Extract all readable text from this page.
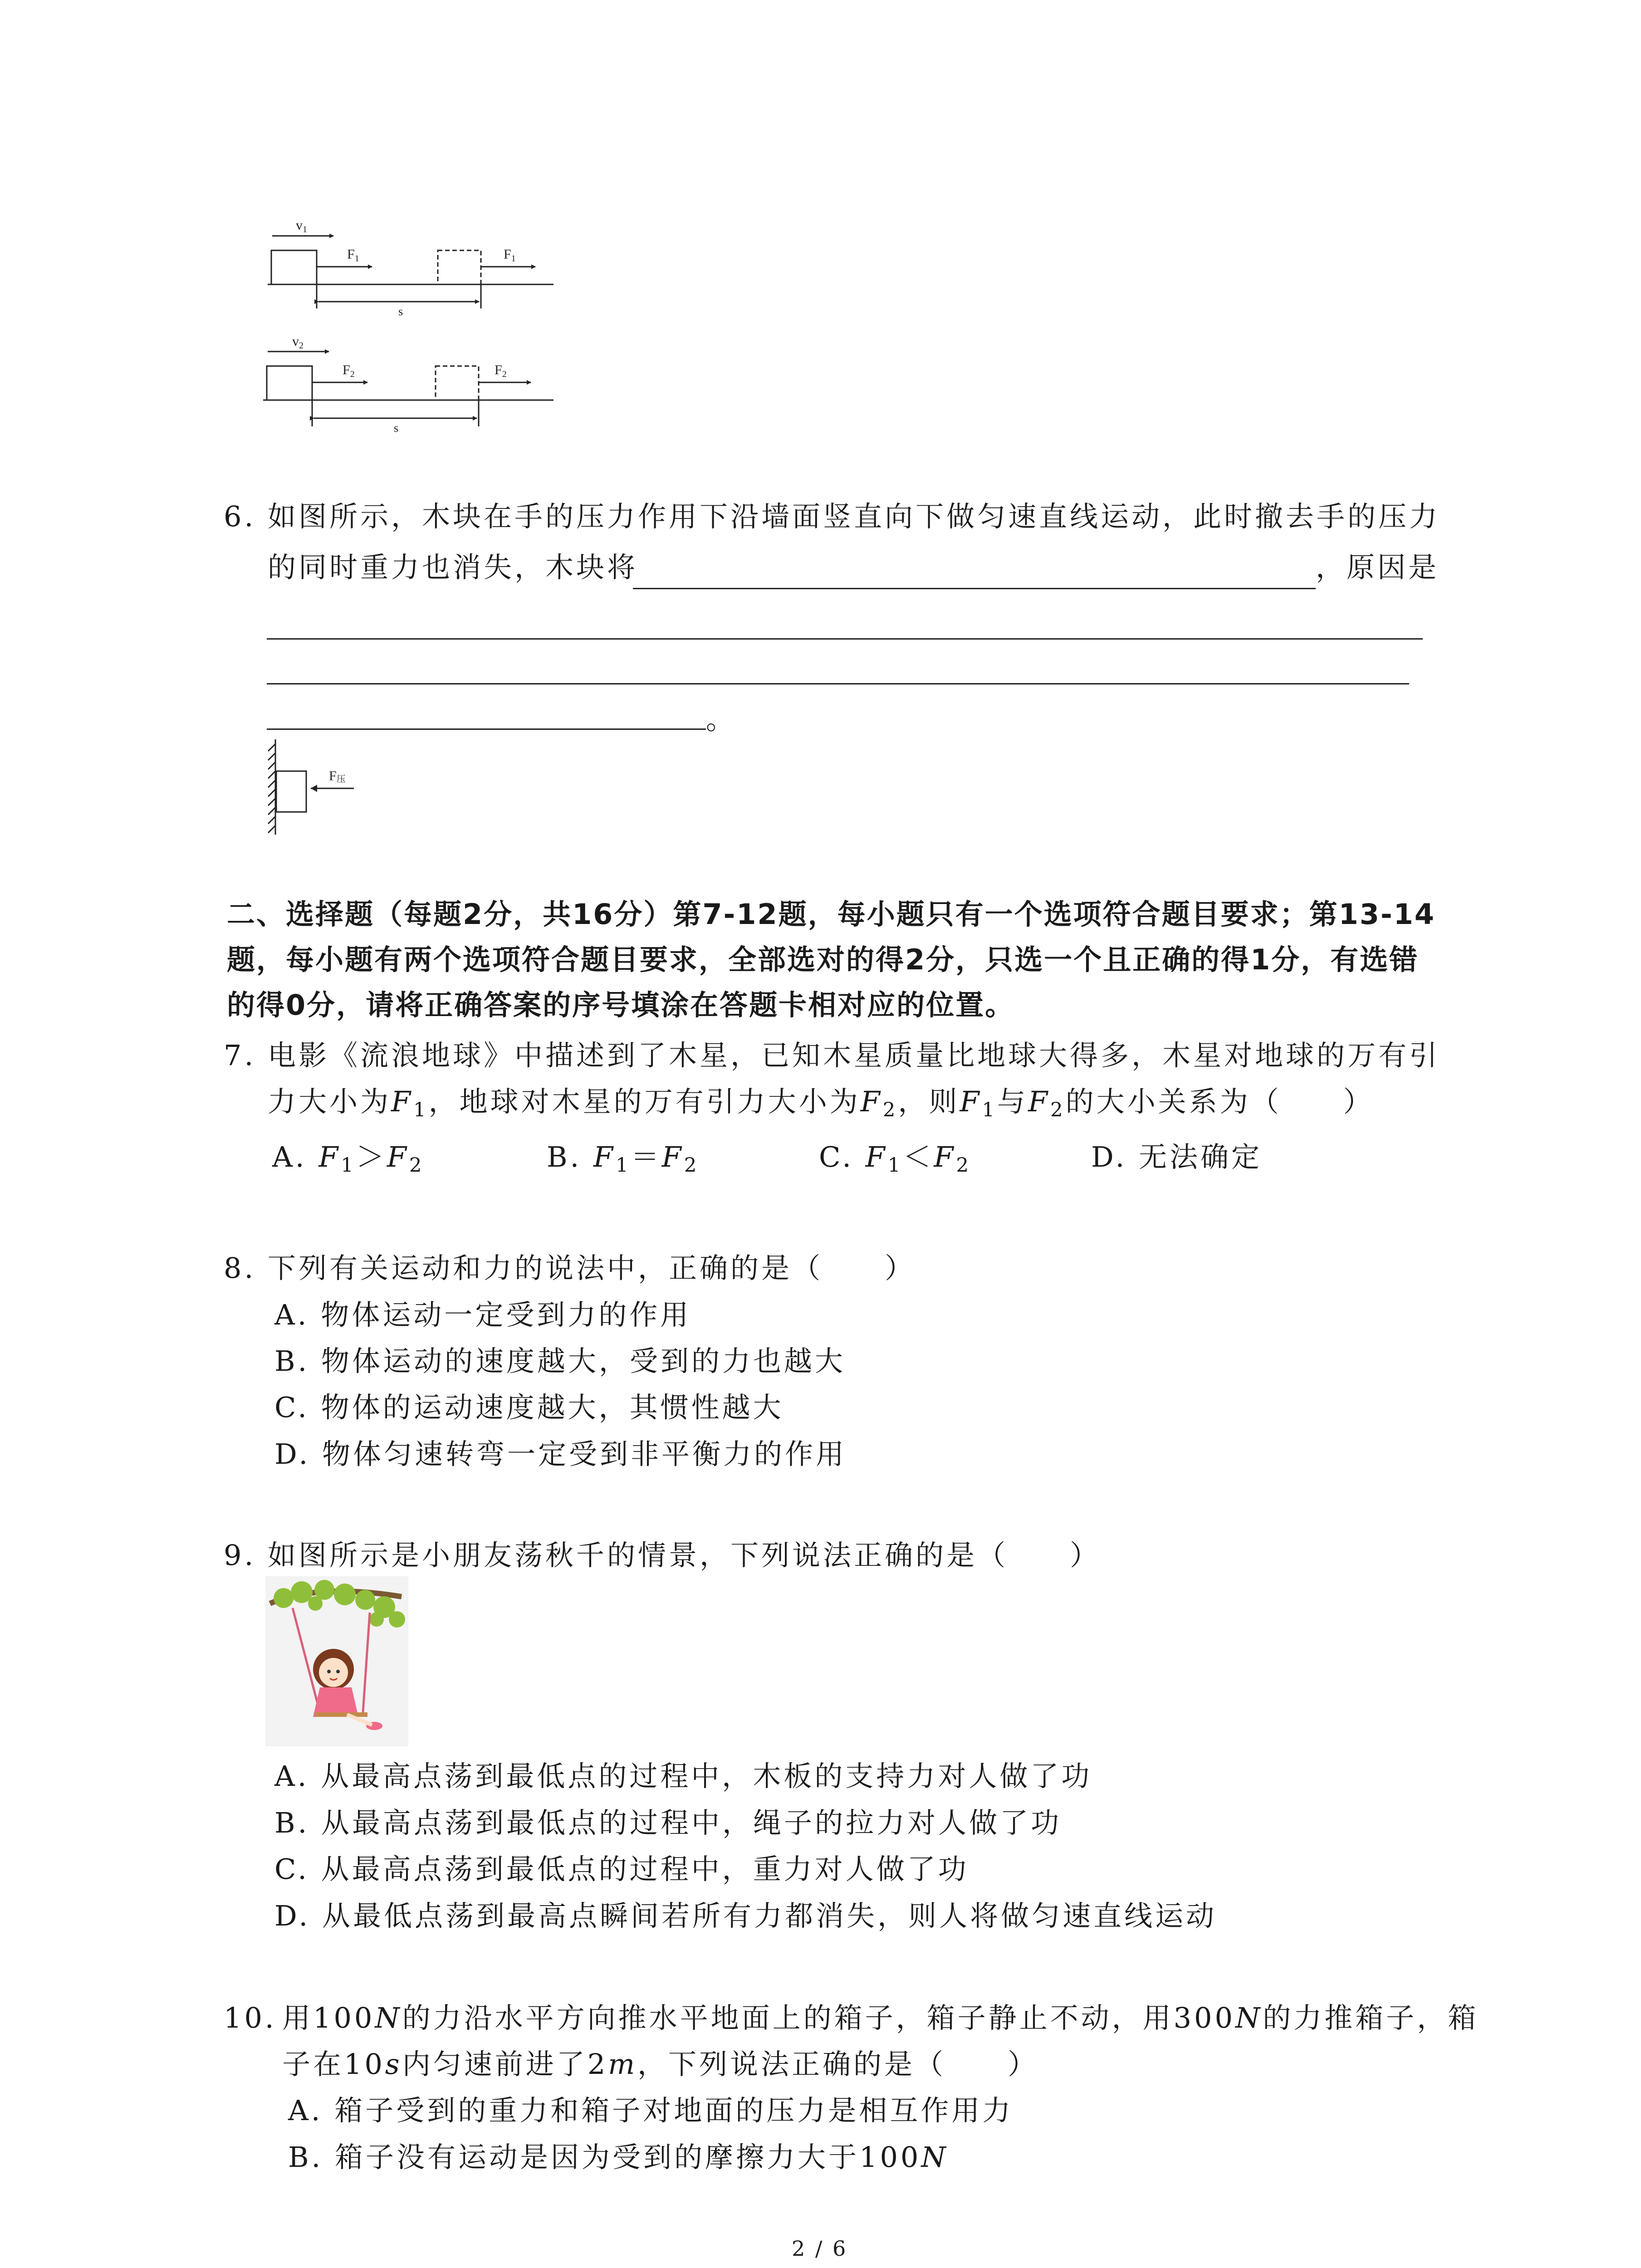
$v_1$
$F_1$	$F_1$
s
$v_2$
$F_2$	$F_2$
s
6. 如图所示，木块在手的压力作用下沿墙面竖直向下做匀速直线运动，此时撤去手的压力
的同时重力也消失，木块将	，原因是
。
F压
二、选择题（每题2分，共16分）第7-12题，每小题只有一个选项符合题目要求；第13-14
题，每小题有两个选项符合题目要求，全部选对的得2分，只选一个且正确的得1分，有选错
的得0分，请将正确答案的序号填涂在答题卡相对应的位置。
7. 电影《流浪地球》中描述到了木星，已知木星质量比地球大得多，木星对地球的万有引
力大小为$F_1$，地球对木星的万有引力大小为$F_2$，则$F_1$与$F_2$的大小关系为（　　）
A. $F_1>F_2$	B. $F_1=F_2$	C. $F_1<F_2$	D. 无法确定
8. 下列有关运动和力的说法中，正确的是（　　）
A. 物体运动一定受到力的作用
B. 物体运动的速度越大，受到的力也越大
C. 物体的运动速度越大，其惯性越大
D. 物体匀速转弯一定受到非平衡力的作用
9. 如图所示是小朋友荡秋千的情景，下列说法正确的是（　　）
A. 从最高点荡到最低点的过程中，木板的支持力对人做了功
B. 从最高点荡到最低点的过程中，绳子的拉力对人做了功
C. 从最高点荡到最低点的过程中，重力对人做了功
D. 从最低点荡到最高点瞬间若所有力都消失，则人将做匀速直线运动
10. 用100N的力沿水平方向推水平地面上的箱子，箱子静止不动，用300N的力推箱子，箱
子在10s内匀速前进了2m，下列说法正确的是（　　）
A. 箱子受到的重力和箱子对地面的压力是相互作用力
B. 箱子没有运动是因为受到的摩擦力大于100N
2 / 6
